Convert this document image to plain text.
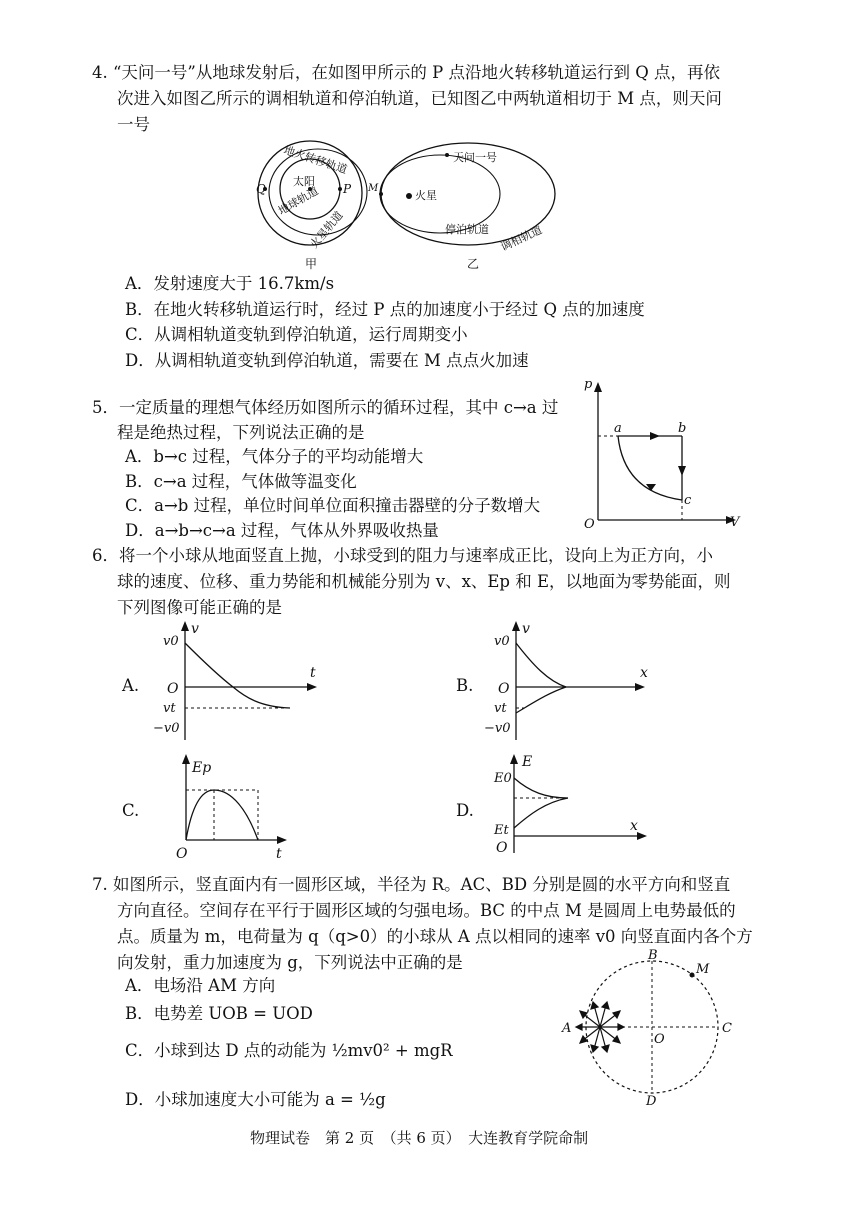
4. “天问一号”从地球发射后，在如图甲所示的 P 点沿地火转移轨道运行到 Q 点，再依
次进入如图乙所示的调相轨道和停泊轨道，已知图乙中两轨道相切于 M 点，则天问
一号
地火转移轨道
太阳
地球轨道
火星轨道
Q	P
甲
M
火星
天问一号
停泊轨道 调相轨道
乙
A．发射速度大于 16.7km/s
B．在地火转移轨道运行时，经过 P 点的加速度小于经过 Q 点的加速度
C．从调相轨道变轨到停泊轨道，运行周期变小
D．从调相轨道变轨到停泊轨道，需要在 M 点点火加速
5．一定质量的理想气体经历如图所示的循环过程，其中 c→a 过
程是绝热过程，下列说法正确的是
A．b→c 过程，气体分子的平均动能增大
B．c→a 过程，气体做等温变化
C．a→b 过程，单位时间单位面积撞击器壁的分子数增大
D．a→b→c→a 过程，气体从外界吸收热量
p
V
O
a	b
c
6．将一个小球从地面竖直上抛，小球受到的阻力与速率成正比，设向上为正方向，小
球的速度、位移、重力势能和机械能分别为 v、x、Ep 和 E，以地面为零势能面，则
下列图像可能正确的是
A.
v
t
O
v0
vt
−v0
B.
v
x
O
v0
vt
−v0
C.
Ep
t
O
D.
E
x
O
E0
Et
7. 如图所示，竖直面内有一圆形区域，半径为 R。AC、BD 分别是圆的水平方向和竖直
方向直径。空间存在平行于圆形区域的匀强电场。BC 的中点 M 是圆周上电势最低的
点。质量为 m，电荷量为 q（q>0）的小球从 A 点以相同的速率 v0 向竖直面内各个方
向发射，重力加速度为 g，下列说法中正确的是
A．电场沿 AM 方向
B．电势差 UOB = UOD
C．小球到达 D 点的动能为 ½mv0² + mgR
D．小球加速度大小可能为 a = ½g
A
B
C
D
O
M
物理试卷　第 2 页　（共 6 页）　大连教育学院命制
